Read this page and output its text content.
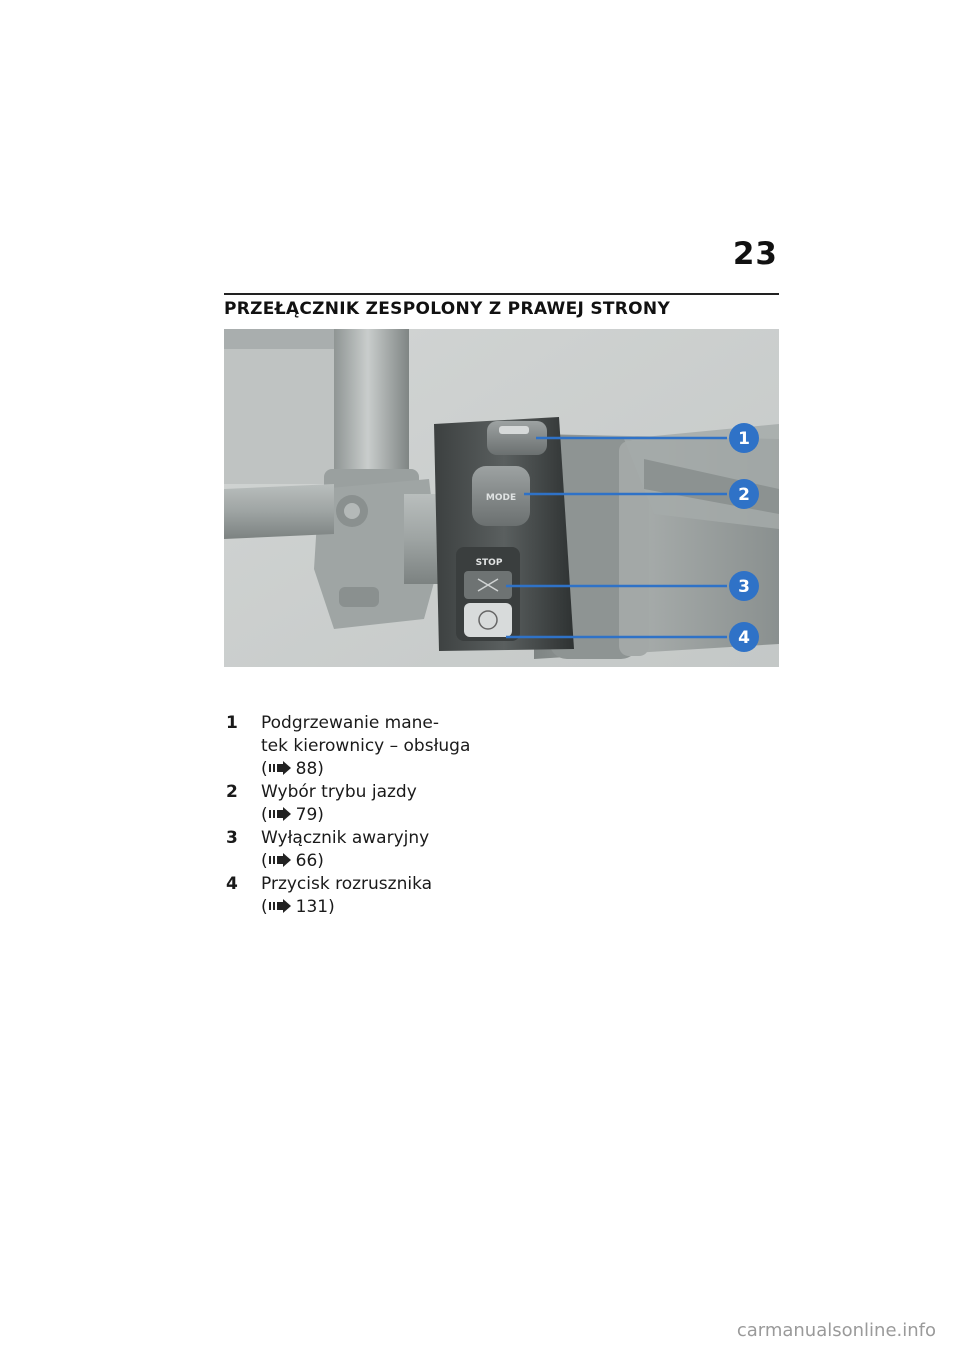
23
PRZEŁĄCZNIK ZESPOLONY Z PRAWEJ STRONY
MODE
STOP
1
2
3
4
1	Podgrzewanie mane-
tek kierownicy – obsługa
( 88)
2	Wybór trybu jazdy
( 79)
3	Wyłącznik awaryjny
( 66)
4	Przycisk rozrusznika
( 131)
carmanualsonline.info
